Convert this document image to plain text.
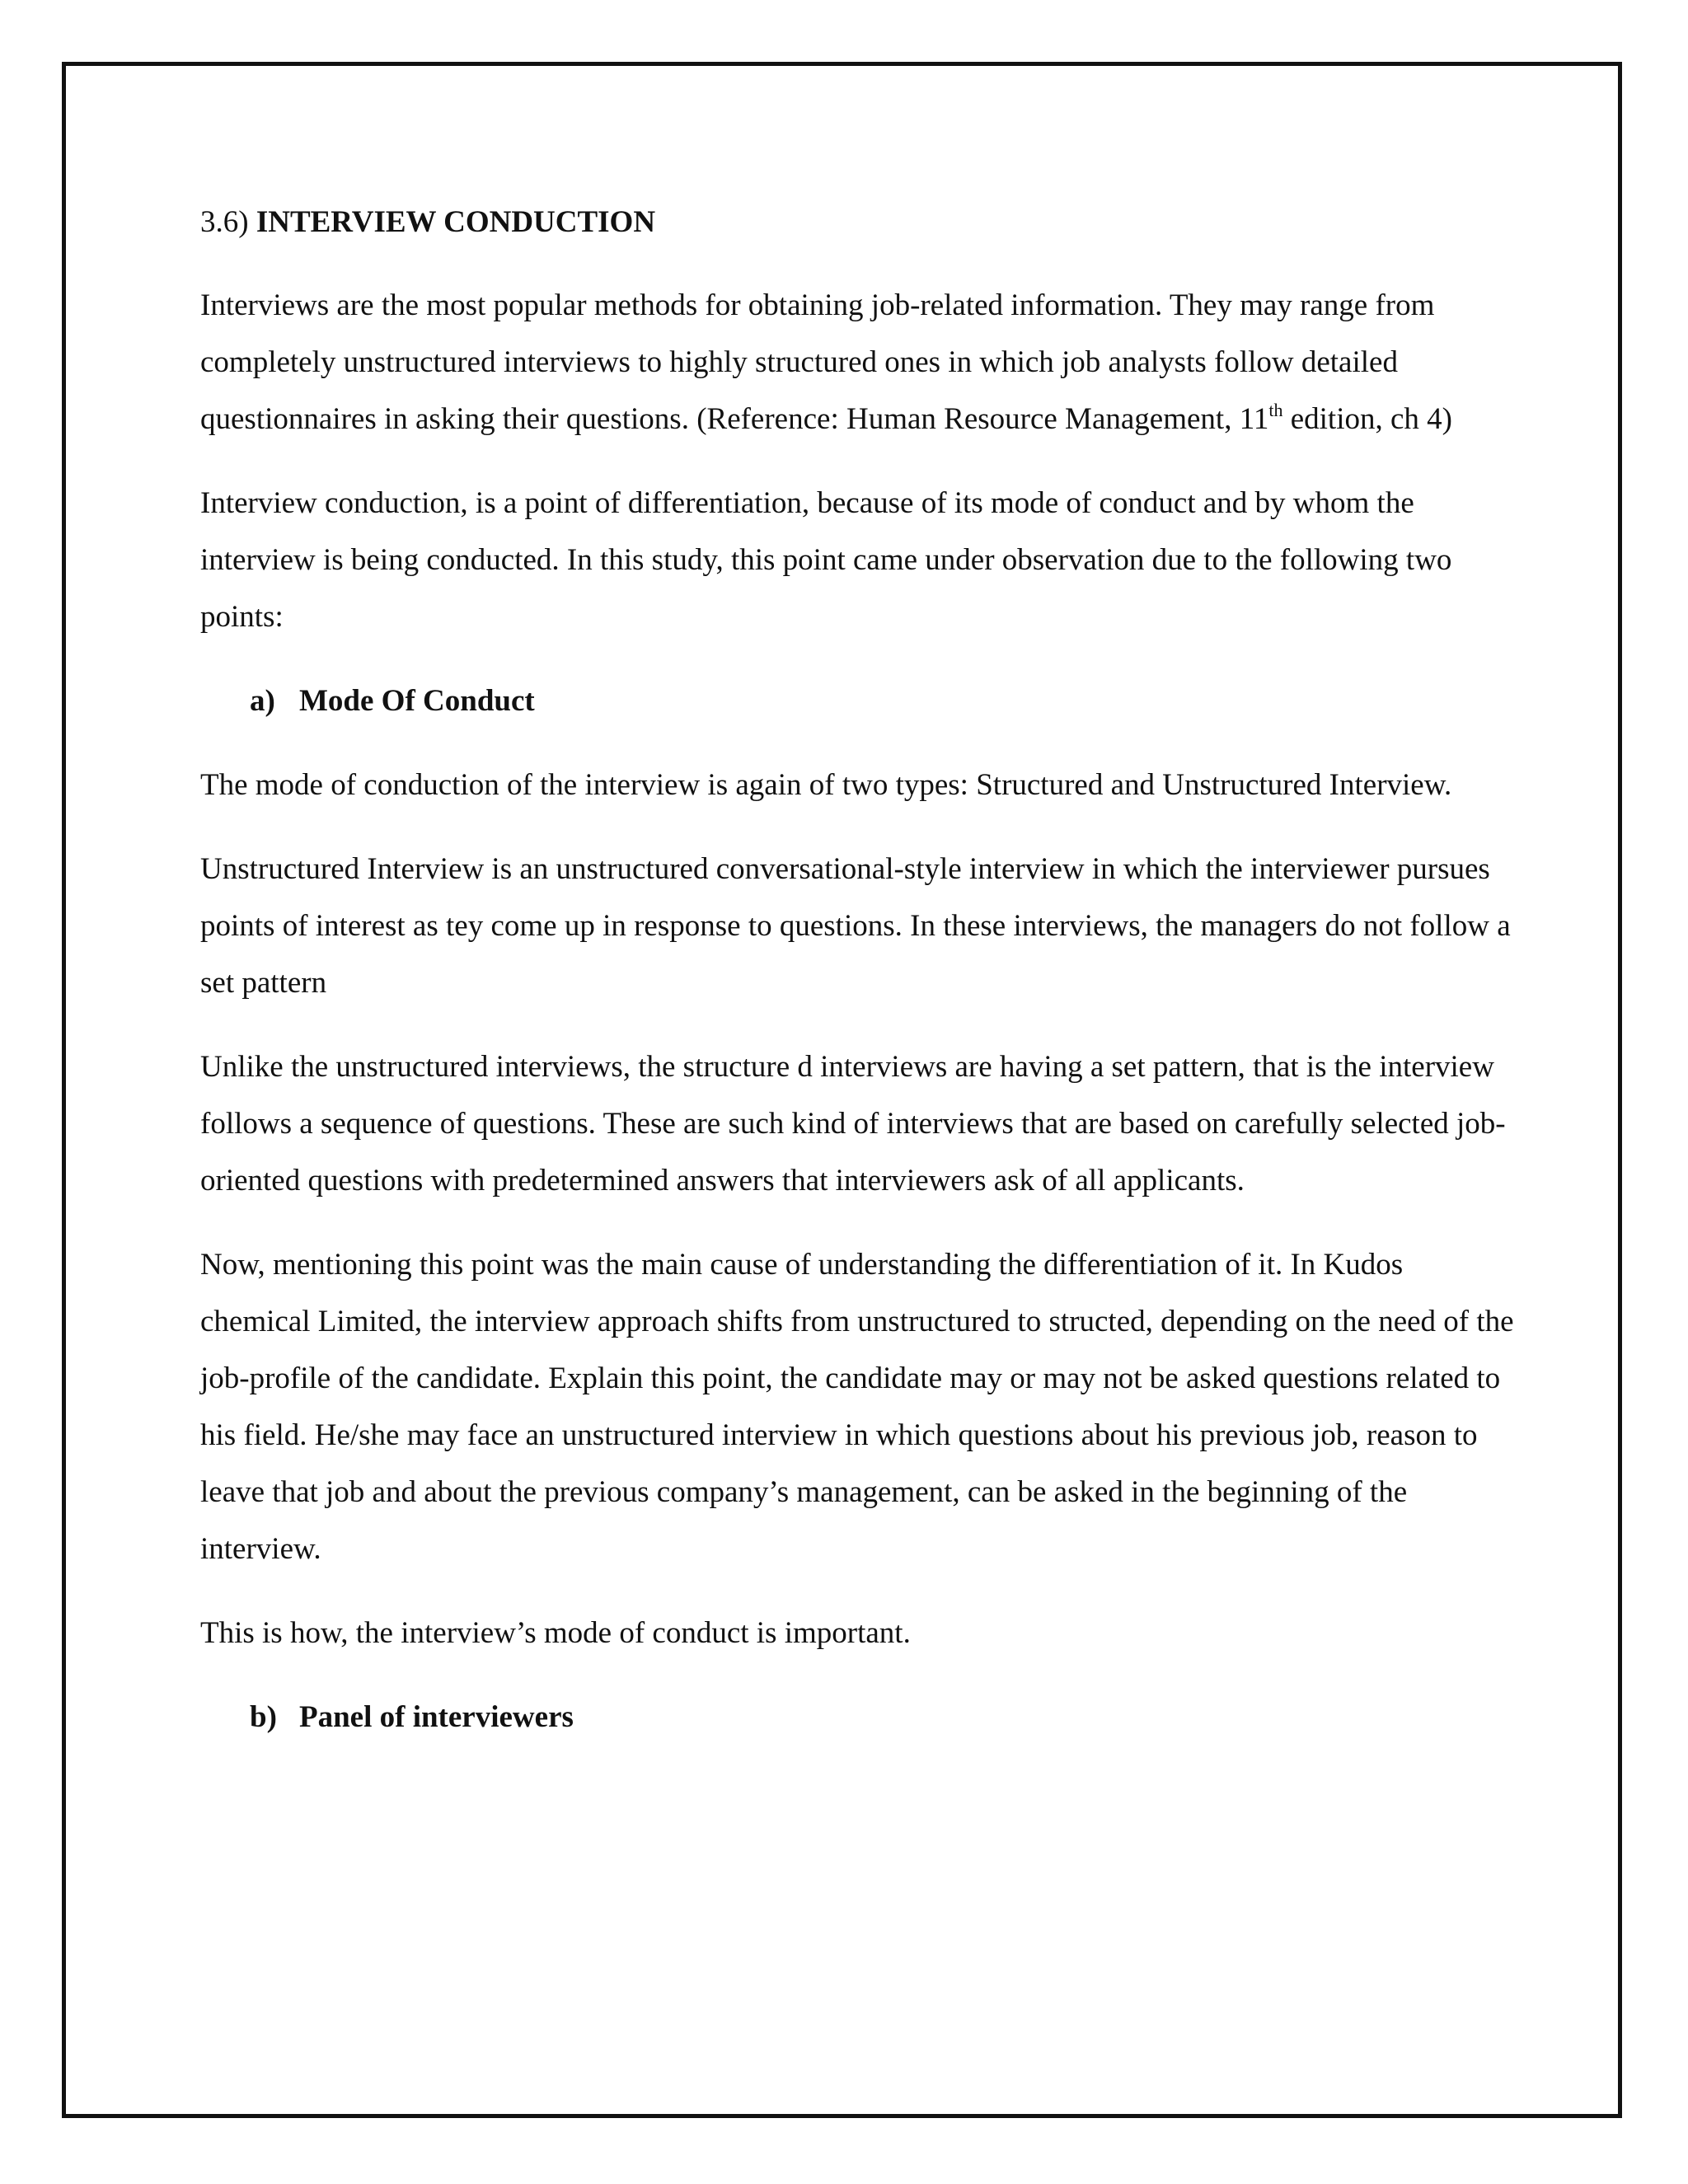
3.6) INTERVIEW CONDUCTION

Interviews are the most popular methods for obtaining job-related information. They may range from completely unstructured interviews to highly structured ones in which job analysts follow detailed questionnaires in asking their questions. (Reference: Human Resource Management, 11th edition, ch 4)

Interview conduction, is a point of differentiation, because of its mode of conduct and by whom the interview is being conducted. In this study, this point came under observation due to the following two points:

a) Mode Of Conduct

The mode of conduction of the interview is again of two types: Structured and Unstructured Interview.

Unstructured Interview is an unstructured conversational-style interview in which the interviewer pursues points of interest as tey come up in response to questions. In these interviews, the managers do not follow a set pattern

Unlike the unstructured interviews, the structure d interviews are having a set pattern, that is the interview follows a sequence of questions. These are such kind of interviews that are based on carefully selected job-oriented questions with predetermined answers that interviewers ask of all applicants.

Now, mentioning this point was the main cause of understanding the differentiation of it. In Kudos chemical Limited, the interview approach shifts from unstructured to structed, depending on the need of the job-profile of the candidate. Explain this point, the candidate may or may not be asked questions related to his field. He/she may face an unstructured interview in which questions about his previous job, reason to leave that job and about the previous company’s management, can be asked in the beginning of the interview.

This is how, the interview’s mode of conduct is important.

b) Panel of interviewers
